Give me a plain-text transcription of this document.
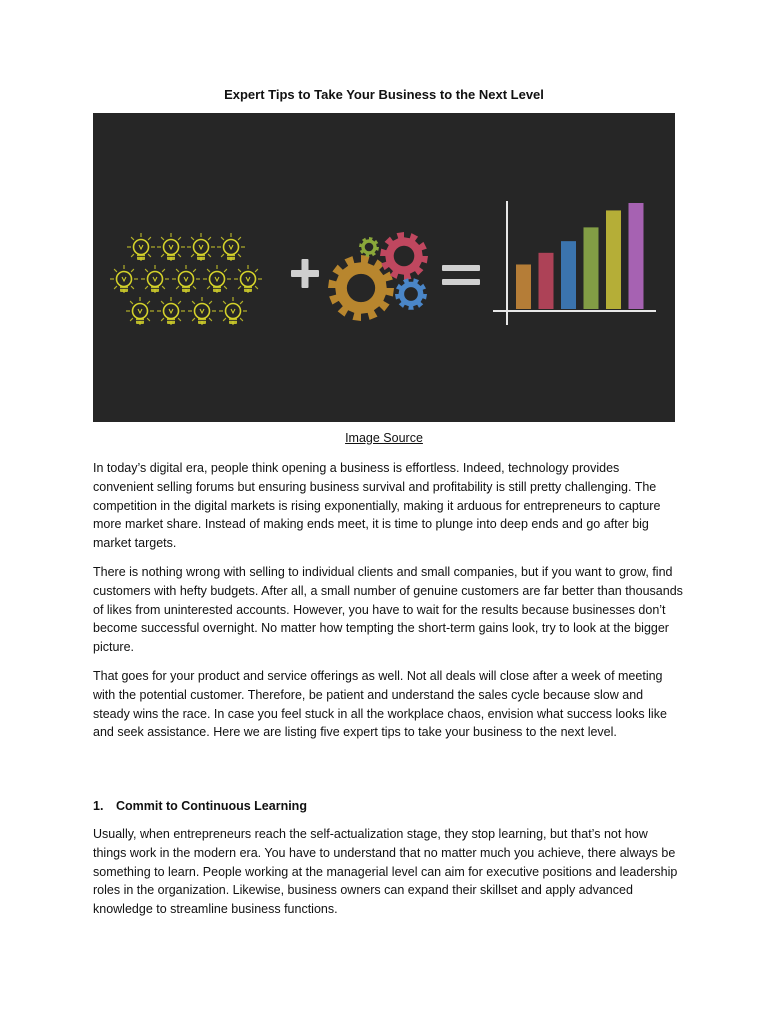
Expert Tips to Take Your Business to the Next Level
Image Source

In today’s digital era, people think opening a business is effortless. Indeed, technology provides convenient selling forums but ensuring business survival and profitability is still pretty challenging. The competition in the digital markets is rising exponentially, making it arduous for entrepreneurs to capture more market share. Instead of making ends meet, it is time to plunge into deep ends and go after big market targets.

There is nothing wrong with selling to individual clients and small companies, but if you want to grow, find customers with hefty budgets. After all, a small number of genuine customers are far better than thousands of likes from uninterested accounts. However, you have to wait for the results because businesses don’t become successful overnight. No matter how tempting the short-term gains look, try to look at the bigger picture.

That goes for your product and service offerings as well. Not all deals will close after a week of meeting with the potential customer. Therefore, be patient and understand the sales cycle because slow and steady wins the race. In case you feel stuck in all the workplace chaos, envision what success looks like and seek assistance. Here we are listing five expert tips to take your business to the next level.

1. Commit to Continuous Learning

Usually, when entrepreneurs reach the self-actualization stage, they stop learning, but that’s not how things work in the modern era. You have to understand that no matter much you achieve, there always be something to learn. People working at the managerial level can aim for executive positions and leadership roles in the organization. Likewise, business owners can expand their skillset and apply advanced knowledge to streamline business functions.
